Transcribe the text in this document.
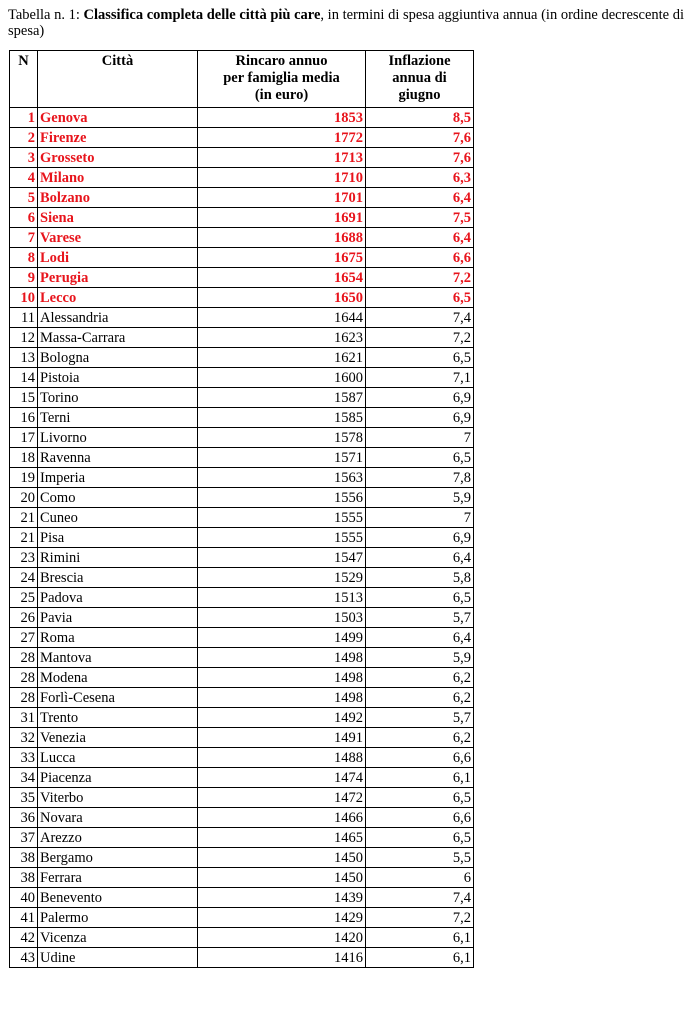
Tabella n. 1: Classifica completa delle città più care, in termini di spesa aggiuntiva annua (in ordine decrescente di spesa)
N	Città	Rincaro annuo
per famiglia media
(in euro)	Inflazione
annua di
giugno

1	Genova	1853	8,5
2	Firenze	1772	7,6
3	Grosseto	1713	7,6
4	Milano	1710	6,3
5	Bolzano	1701	6,4
6	Siena	1691	7,5
7	Varese	1688	6,4
8	Lodi	1675	6,6
9	Perugia	1654	7,2
10	Lecco	1650	6,5
11	Alessandria	1644	7,4
12	Massa-Carrara	1623	7,2
13	Bologna	1621	6,5
14	Pistoia	1600	7,1
15	Torino	1587	6,9
16	Terni	1585	6,9
17	Livorno	1578	7
18	Ravenna	1571	6,5
19	Imperia	1563	7,8
20	Como	1556	5,9
21	Cuneo	1555	7
21	Pisa	1555	6,9
23	Rimini	1547	6,4
24	Brescia	1529	5,8
25	Padova	1513	6,5
26	Pavia	1503	5,7
27	Roma	1499	6,4
28	Mantova	1498	5,9
28	Modena	1498	6,2
28	Forlì-Cesena	1498	6,2
31	Trento	1492	5,7
32	Venezia	1491	6,2
33	Lucca	1488	6,6
34	Piacenza	1474	6,1
35	Viterbo	1472	6,5
36	Novara	1466	6,6
37	Arezzo	1465	6,5
38	Bergamo	1450	5,5
38	Ferrara	1450	6
40	Benevento	1439	7,4
41	Palermo	1429	7,2
42	Vicenza	1420	6,1
43	Udine	1416	6,1
